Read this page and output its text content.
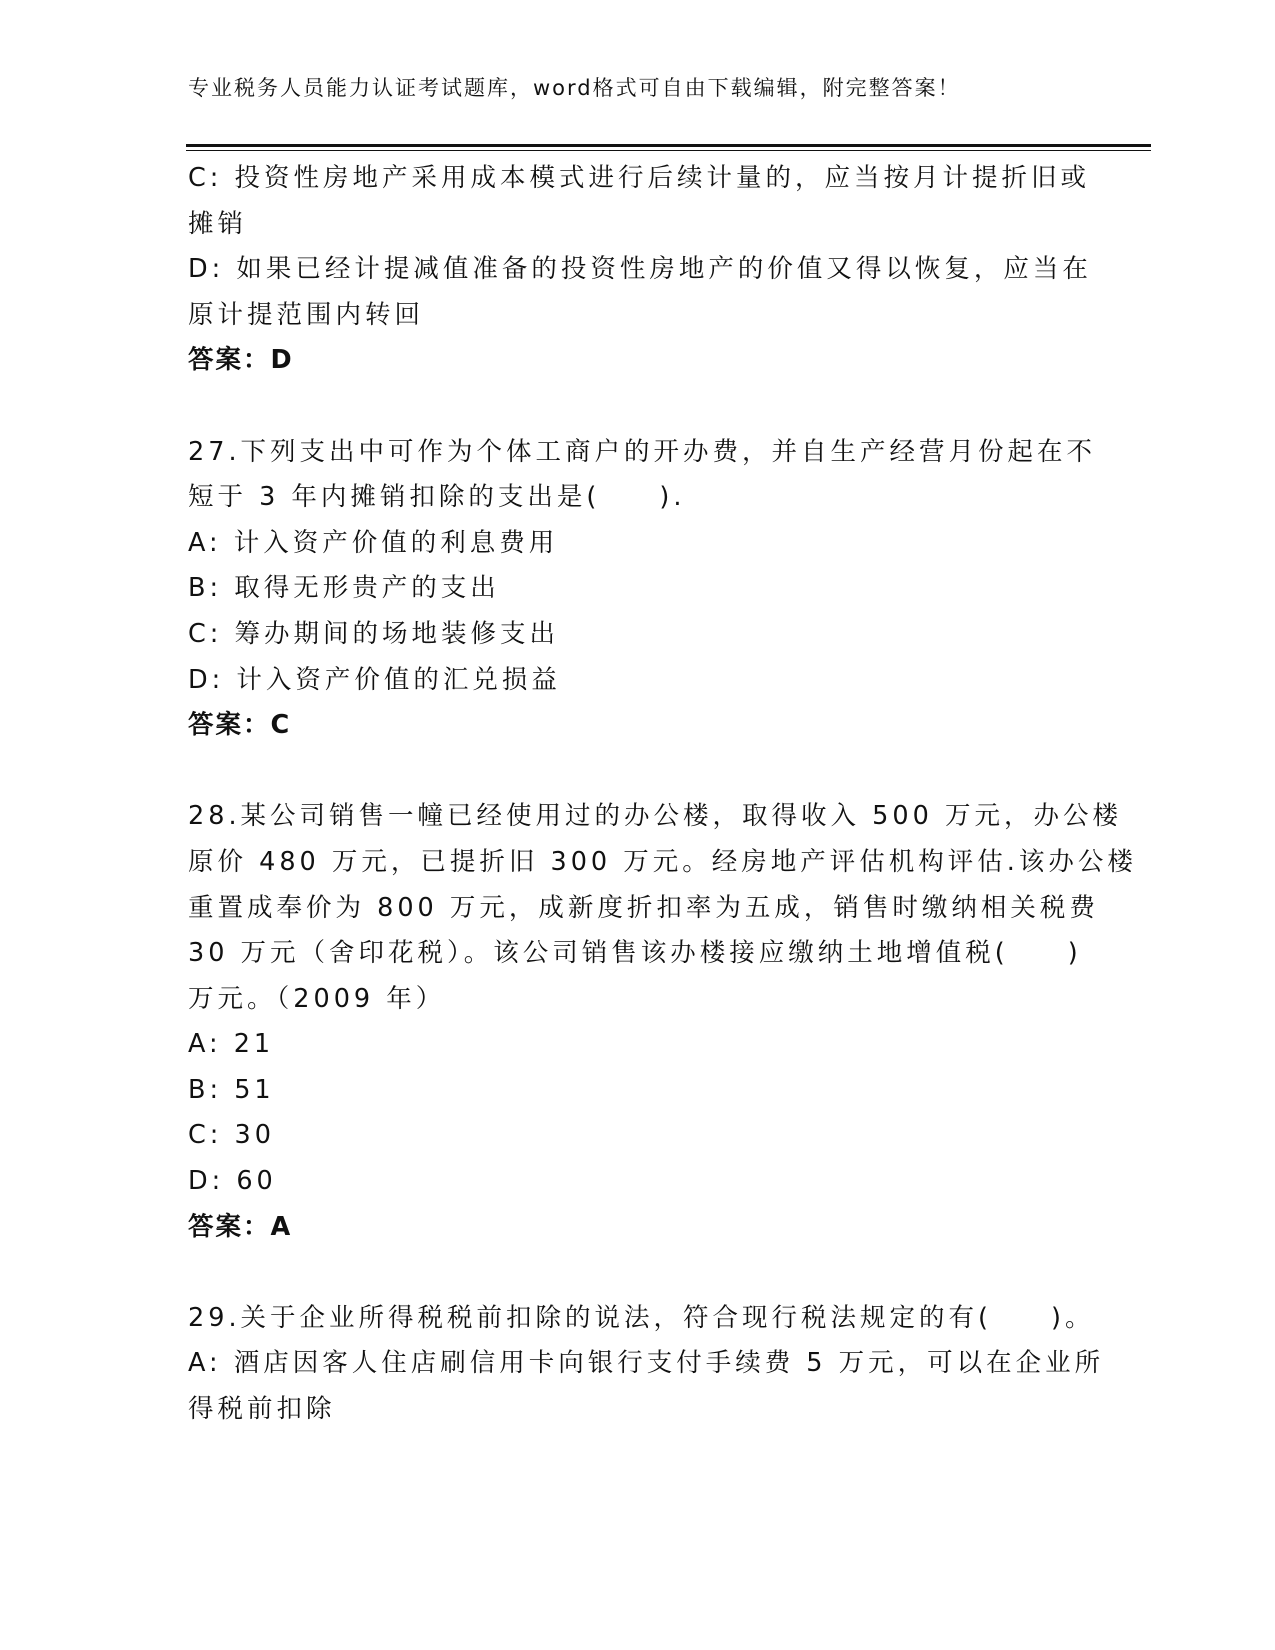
专业税务人员能力认证考试题库，word格式可自由下载编辑，附完整答案！
C: 投资性房地产采用成本模式进行后续计量的，应当按月计提折旧或
摊销
D: 如果已经计提减值准备的投资性房地产的价值又得以恢复，应当在
原计提范围内转回
答案：D
27.下列支出中可作为个体工商户的开办费，并自生产经营月份起在不
短于 3 年内摊销扣除的支出是(　　).
A: 计入资产价值的利息费用
B: 取得无形贵产的支出
C: 筹办期间的场地装修支出
D: 计入资产价值的汇兑损益
答案：C
28.某公司销售一幢已经使用过的办公楼，取得收入 500 万元，办公楼
原价 480 万元，已提折旧 300 万元。经房地产评估机构评估.该办公楼
重置成奉价为 800 万元，成新度折扣率为五成，销售时缴纳相关税费
30 万元（舍印花税）。该公司销售该办楼接应缴纳土地增值税(　　)
万元。（2009 年）
A: 21
B: 51
C: 30
D: 60
答案：A
29.关于企业所得税税前扣除的说法，符合现行税法规定的有(　　)。
A: 酒店因客人住店刷信用卡向银行支付手续费 5 万元，可以在企业所
得税前扣除
